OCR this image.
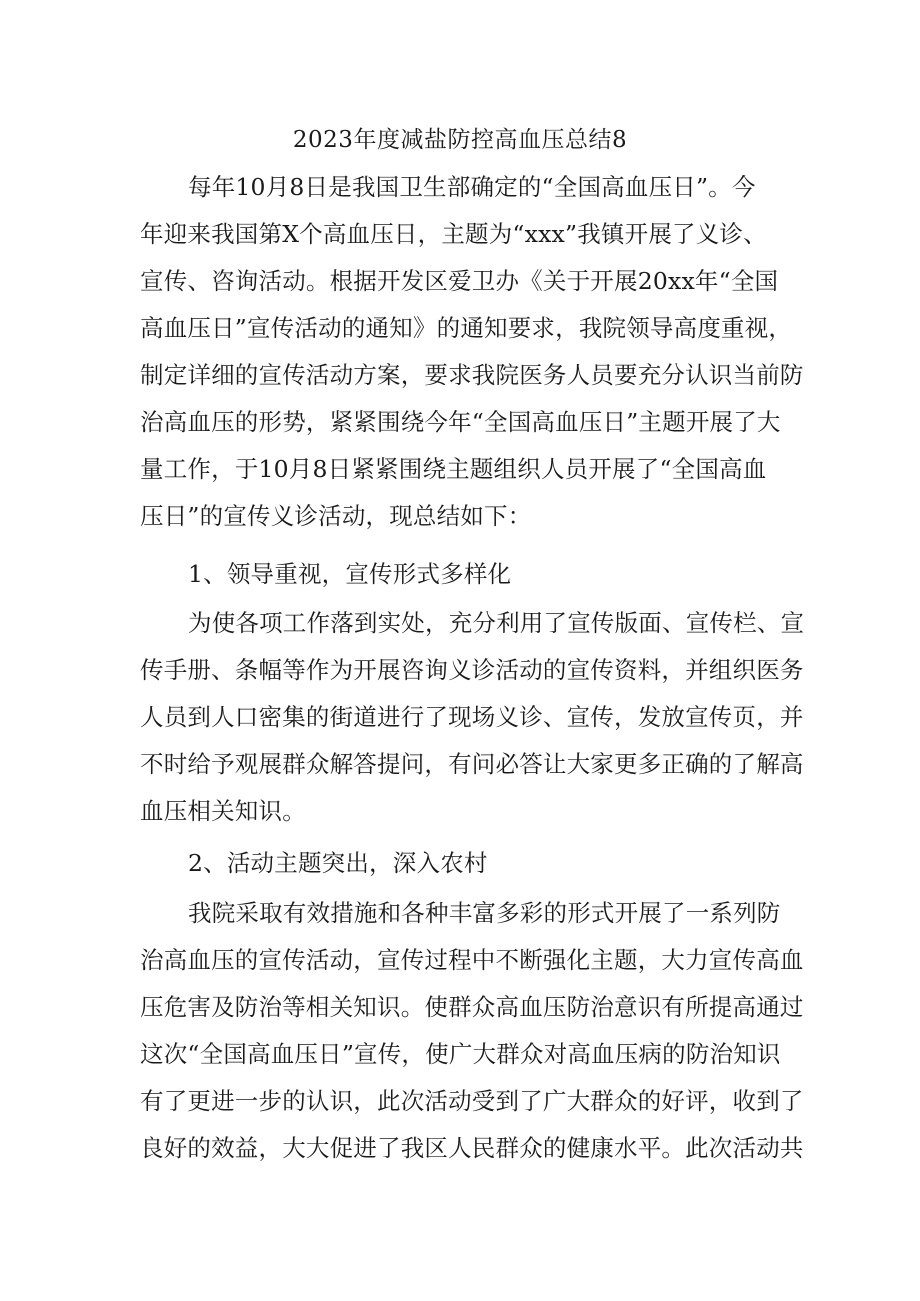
2023年度减盐防控高血压总结8
每年10月8日是我国卫生部确定的“全国高血压日”。今
年迎来我国第X个高血压日，主题为“xxx”我镇开展了义诊、
宣传、咨询活动。根据开发区爱卫办《关于开展20xx年“全国
高血压日”宣传活动的通知》的通知要求，我院领导高度重视，
制定详细的宣传活动方案，要求我院医务人员要充分认识当前防
治高血压的形势，紧紧围绕今年“全国高血压日”主题开展了大
量工作，于10月8日紧紧围绕主题组织人员开展了“全国高血
压日”的宣传义诊活动，现总结如下：
1、领导重视，宣传形式多样化
为使各项工作落到实处，充分利用了宣传版面、宣传栏、宣
传手册、条幅等作为开展咨询义诊活动的宣传资料，并组织医务
人员到人口密集的街道进行了现场义诊、宣传，发放宣传页，并
不时给予观展群众解答提问，有问必答让大家更多正确的了解高
血压相关知识。
2、活动主题突出，深入农村
我院采取有效措施和各种丰富多彩的形式开展了一系列防
治高血压的宣传活动，宣传过程中不断强化主题，大力宣传高血
压危害及防治等相关知识。使群众高血压防治意识有所提高通过
这次“全国高血压日”宣传，使广大群众对高血压病的防治知识
有了更进一步的认识，此次活动受到了广大群众的好评，收到了
良好的效益，大大促进了我区人民群众的健康水平。此次活动共
